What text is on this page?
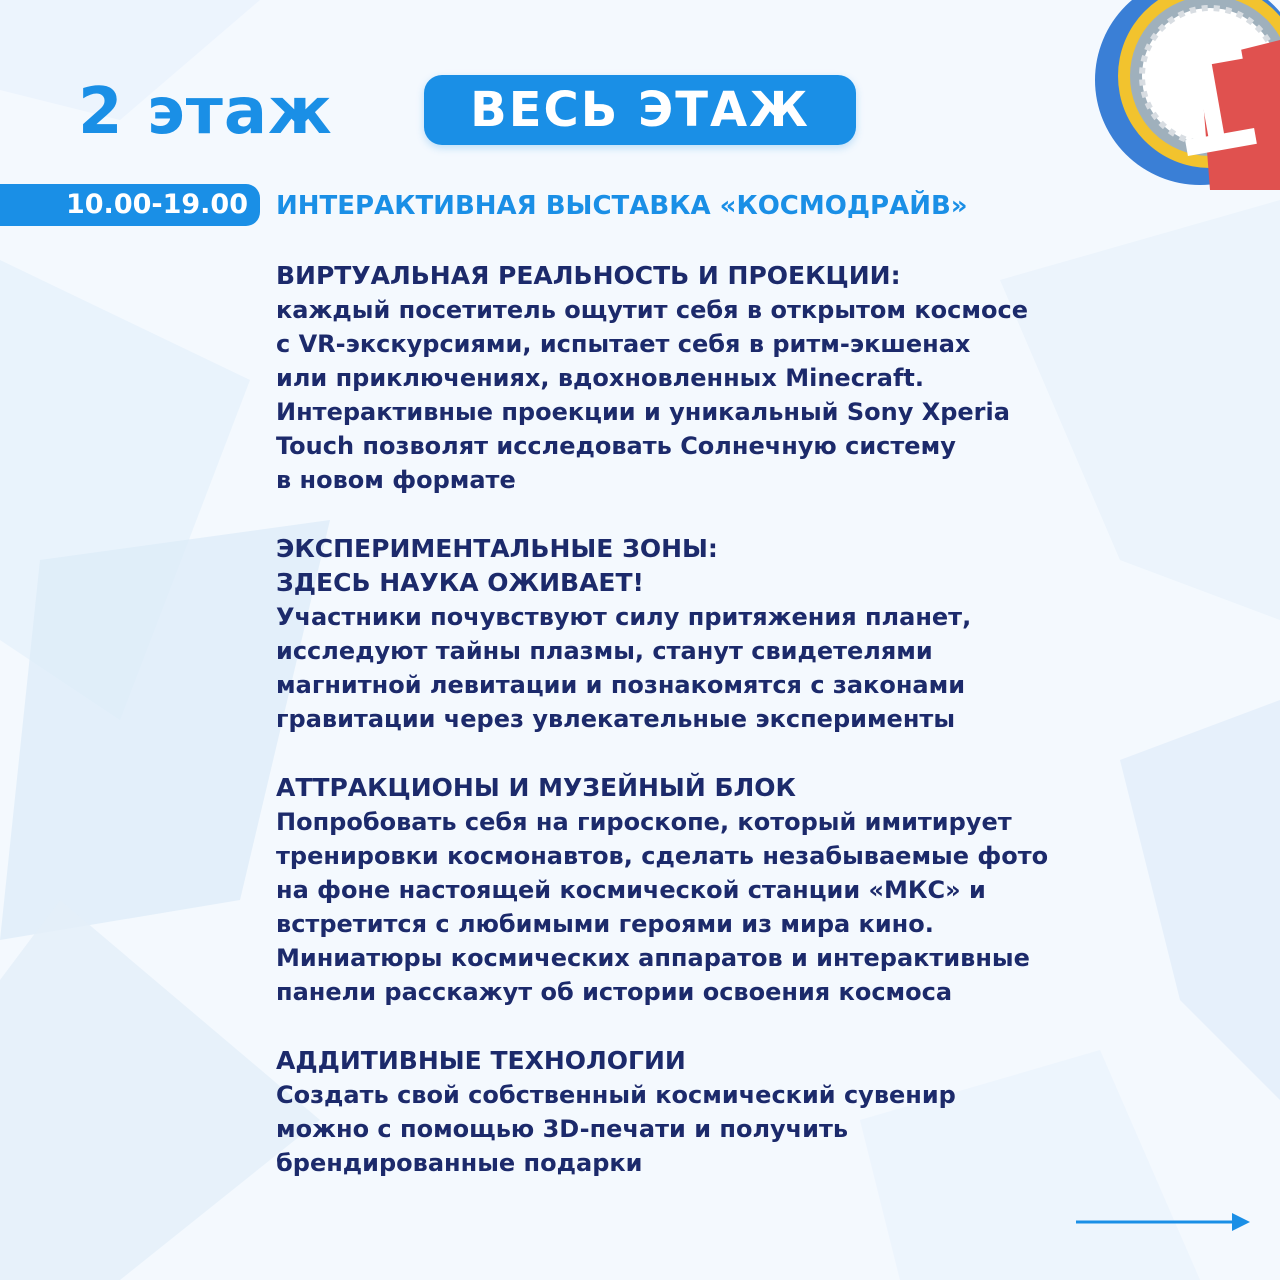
2 этаж	ВЕСЬ ЭТАЖ
10.00-19.00	ИНТЕРАКТИВНАЯ ВЫСТАВКА «КОСМОДРАЙВ»
ВИРТУАЛЬНАЯ РЕАЛЬНОСТЬ И ПРОЕКЦИИ:
каждый посетитель ощутит себя в открытом космосе
с VR-экскурсиями, испытает себя в ритм-экшенах
или приключениях, вдохновленных Minecraft.
Интерактивные проекции и уникальный Sony Xperia
Touch позволят исследовать Солнечную систему
в новом формате
ЭКСПЕРИМЕНТАЛЬНЫЕ ЗОНЫ:
ЗДЕСЬ НАУКА ОЖИВАЕТ!
Участники почувствуют силу притяжения планет,
исследуют тайны плазмы, станут свидетелями
магнитной левитации и познакомятся с законами
гравитации через увлекательные эксперименты
АТТРАКЦИОНЫ И МУЗЕЙНЫЙ БЛОК
Попробовать себя на гироскопе, который имитирует
тренировки космонавтов, сделать незабываемые фото
на фоне настоящей космической станции «МКС» и
встретится с любимыми героями из мира кино.
Миниатюры космических аппаратов и интерактивные
панели расскажут об истории освоения космоса
АДДИТИВНЫЕ ТЕХНОЛОГИИ
Создать свой собственный космический сувенир
можно с помощью 3D-печати и получить
брендированные подарки
